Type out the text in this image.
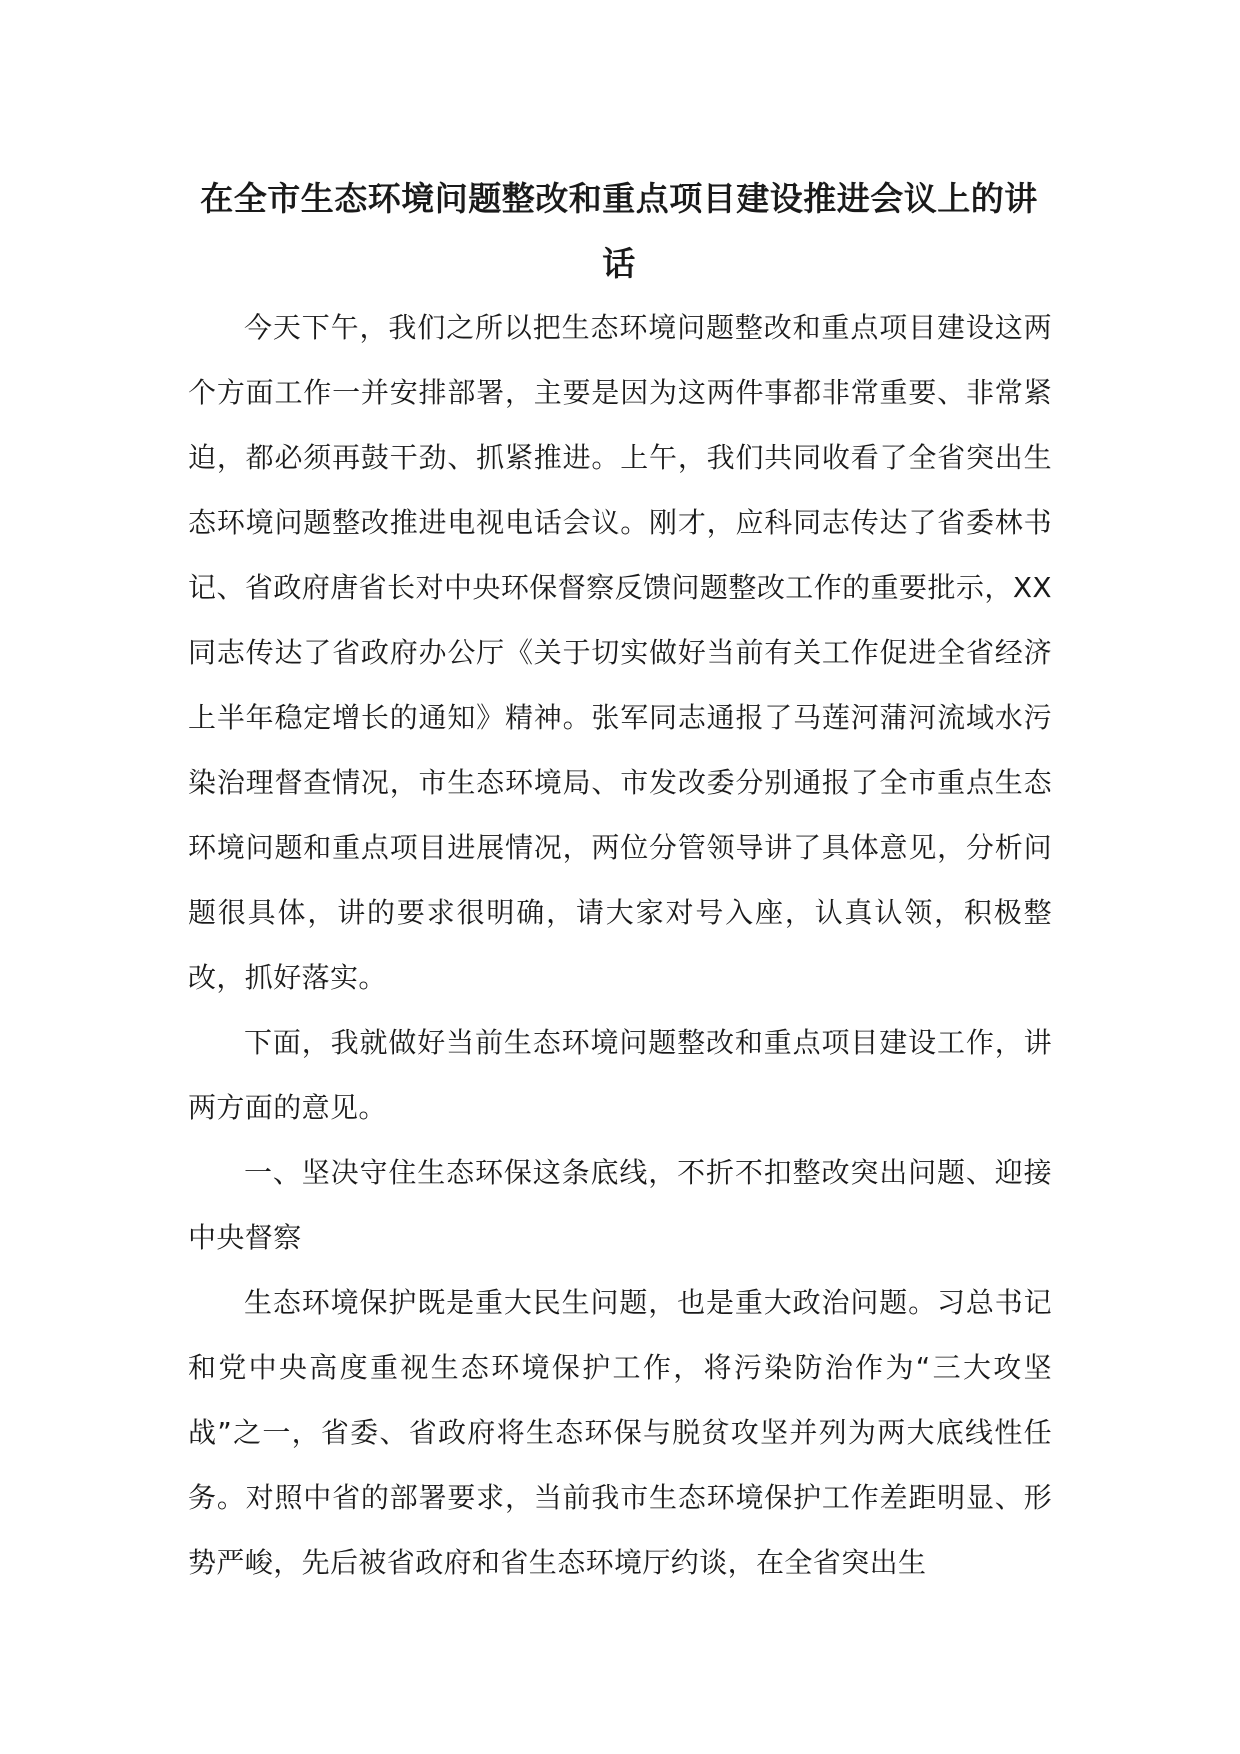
在全市生态环境问题整改和重点项目建设推进会议上的讲话

今天下午，我们之所以把生态环境问题整改和重点项目建设这两个方面工作一并安排部署，主要是因为这两件事都非常重要、非常紧迫，都必须再鼓干劲、抓紧推进。上午，我们共同收看了全省突出生态环境问题整改推进电视电话会议。刚才，应科同志传达了省委林书记、省政府唐省长对中央环保督察反馈问题整改工作的重要批示，XX同志传达了省政府办公厅《关于切实做好当前有关工作促进全省经济上半年稳定增长的通知》精神。张军同志通报了马莲河蒲河流域水污染治理督查情况，市生态环境局、市发改委分别通报了全市重点生态环境问题和重点项目进展情况，两位分管领导讲了具体意见，分析问题很具体，讲的要求很明确，请大家对号入座，认真认领，积极整改，抓好落实。

下面，我就做好当前生态环境问题整改和重点项目建设工作，讲两方面的意见。

一、坚决守住生态环保这条底线，不折不扣整改突出问题、迎接中央督察

生态环境保护既是重大民生问题，也是重大政治问题。习总书记和党中央高度重视生态环境保护工作，将污染防治作为“三大攻坚战”之一，省委、省政府将生态环保与脱贫攻坚并列为两大底线性任务。对照中省的部署要求，当前我市生态环境保护工作差距明显、形势严峻，先后被省政府和省生态环境厅约谈，在全省突出生
